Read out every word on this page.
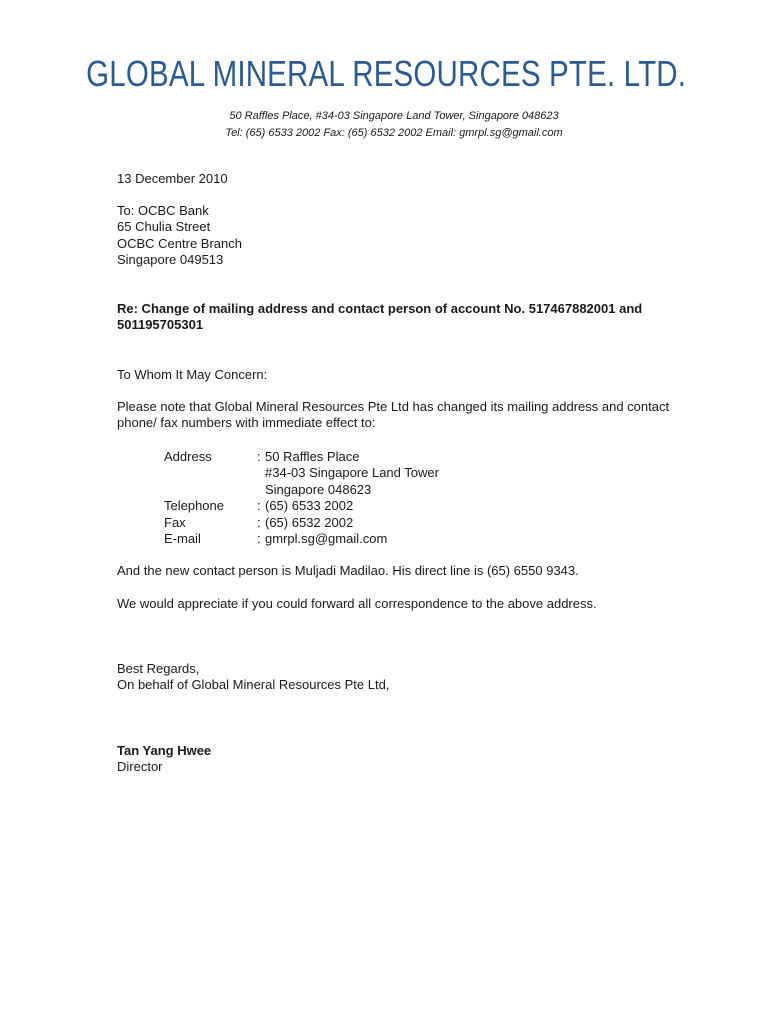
GLOBAL MINERAL RESOURCES PTE. LTD.
50 Raffles Place, #34-03 Singapore Land Tower, Singapore 048623
Tel: (65) 6533 2002 Fax: (65) 6532 2002 Email: gmrpl.sg@gmail.com
13 December 2010
To: OCBC Bank
65 Chulia Street
OCBC Centre Branch
Singapore 049513
Re: Change of mailing address and contact person of account No. 517467882001 and
501195705301
To Whom It May Concern:
Please note that Global Mineral Resources Pte Ltd has changed its mailing address and contact
phone/ fax numbers with immediate effect to:
Address	: 50 Raffles Place
#34-03 Singapore Land Tower
Singapore 048623
Telephone	: (65) 6533 2002
Fax	: (65) 6532 2002
E-mail	: gmrpl.sg@gmail.com
And the new contact person is Muljadi Madilao. His direct line is (65) 6550 9343.
We would appreciate if you could forward all correspondence to the above address.
Best Regards,
On behalf of Global Mineral Resources Pte Ltd,
Tan Yang Hwee
Director
